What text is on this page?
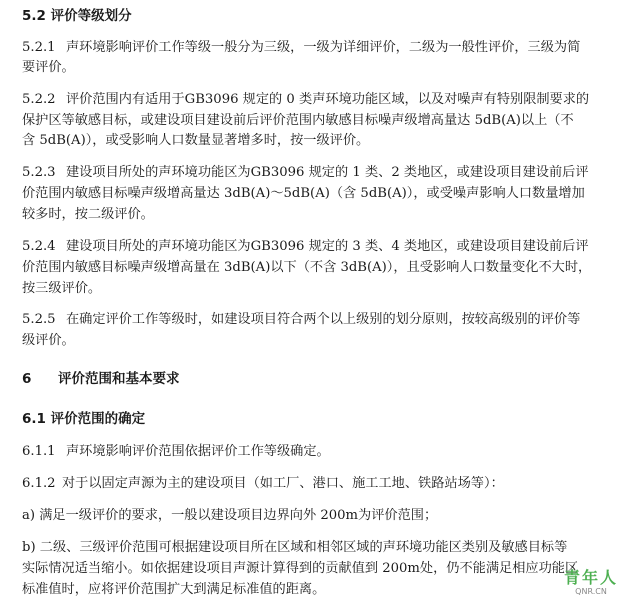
5.2 评价等级划分
5.2.1 声环境影响评价工作等级一般分为三级，一级为详细评价，二级为一般性评价，三级为简
要评价。
5.2.2 评价范围内有适用于GB3096 规定的 0 类声环境功能区域，以及对噪声有特别限制要求的
保护区等敏感目标，或建设项目建设前后评价范围内敏感目标噪声级增高量达 5dB(A)以上（不
含 5dB(A)），或受影响人口数量显著增多时，按一级评价。
5.2.3 建设项目所处的声环境功能区为GB3096 规定的 1 类、2 类地区，或建设项目建设前后评
价范围内敏感目标噪声级增高量达 3dB(A)～5dB(A)（含 5dB(A)），或受噪声影响人口数量增加
较多时，按二级评价。
5.2.4 建设项目所处的声环境功能区为GB3096 规定的 3 类、4 类地区，或建设项目建设前后评
价范围内敏感目标噪声级增高量在 3dB(A)以下（不含 3dB(A)），且受影响人口数量变化不大时，
按三级评价。
5.2.5 在确定评价工作等级时，如建设项目符合两个以上级别的划分原则，按较高级别的评价等
级评价。
6 评价范围和基本要求
6.1 评价范围的确定
6.1.1 声环境影响评价范围依据评价工作等级确定。
6.1.2 对于以固定声源为主的建设项目（如工厂、港口、施工工地、铁路站场等）：
a) 满足一级评价的要求，一般以建设项目边界向外 200m为评价范围；
b) 二级、三级评价范围可根据建设项目所在区域和相邻区域的声环境功能区类别及敏感目标等
实际情况适当缩小。如依据建设项目声源计算得到的贡献值到 200m处，仍不能满足相应功能区
标准值时，应将评价范围扩大到满足标准值的距离。
青年人
QNR.CN
